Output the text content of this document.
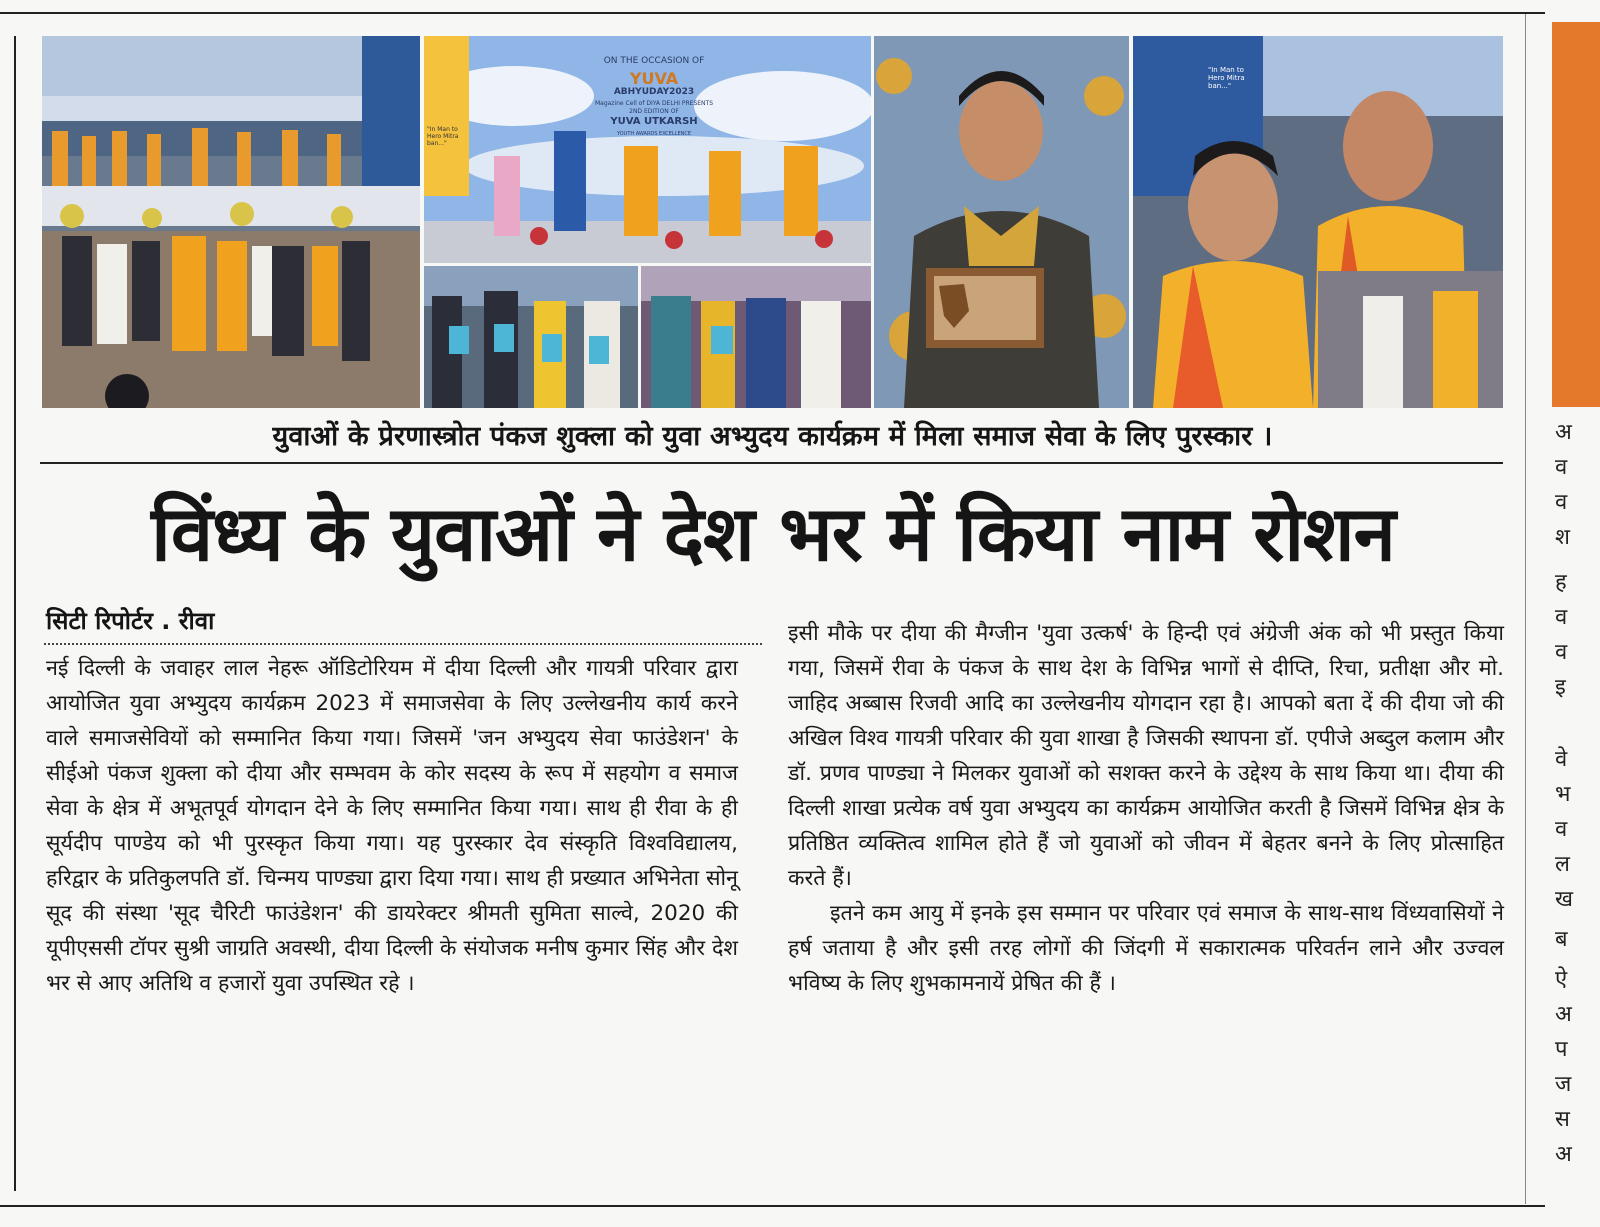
ON THE OCCASION OF
YUVA
ABHYUDAY2023
Magazine Cell of DIYA DELHI PRESENTS
2ND EDITION OF
YUVA UTKARSH
YOUTH AWARDS EXCELLENCE
"In Man to Hero Mitra ban..."
"In Man to Hero Mitra ban..."
युवाओं के प्रेरणास्त्रोत पंकज शुक्ला को युवा अभ्युदय कार्यक्रम में मिला समाज सेवा के लिए पुरस्कार ।
विंध्य के युवाओं ने देश भर में किया नाम रोशन
सिटी रिपोर्टर . रीवा

नई दिल्ली के जवाहर लाल नेहरू ऑडिटोरियम में दीया दिल्ली और गायत्री परिवार द्वारा आयोजित युवा अभ्युदय कार्यक्रम 2023 में समाजसेवा के लिए उल्लेखनीय कार्य करने वाले समाजसेवियों को सम्मानित किया गया। जिसमें 'जन अभ्युदय सेवा फाउंडेशन' के सीईओ पंकज शुक्ला को दीया और सम्भवम के कोर सदस्य के रूप में सहयोग व समाज सेवा के क्षेत्र में अभूतपूर्व योगदान देने के लिए सम्मानित किया गया। साथ ही रीवा के ही सूर्यदीप पाण्डेय को भी पुरस्कृत किया गया। यह पुरस्कार देव संस्कृति विश्वविद्यालय, हरिद्वार के प्रतिकुलपति डॉ. चिन्मय पाण्ड्या द्वारा दिया गया। साथ ही प्रख्यात अभिनेता सोनू सूद की संस्था 'सूद चैरिटी फाउंडेशन' की डायरेक्टर श्रीमती सुमिता साल्वे, 2020 की यूपीएससी टॉपर सुश्री जाग्रति अवस्थी, दीया दिल्ली के संयोजक मनीष कुमार सिंह और देश भर से आए अतिथि व हजारों युवा उपस्थित रहे ।

इसी मौके पर दीया की मैग्जीन 'युवा उत्कर्ष' के हिन्दी एवं अंग्रेजी अंक को भी प्रस्तुत किया गया, जिसमें रीवा के पंकज के साथ देश के विभिन्न भागों से दीप्ति, रिचा, प्रतीक्षा और मो. जाहिद अब्बास रिजवी आदि का उल्लेखनीय योगदान रहा है। आपको बता दें की दीया जो की अखिल विश्व गायत्री परिवार की युवा शाखा है जिसकी स्थापना डॉ. एपीजे अब्दुल कलाम और डॉ. प्रणव पाण्ड्या ने मिलकर युवाओं को सशक्त करने के उद्देश्य के साथ किया था। दीया की दिल्ली शाखा प्रत्येक वर्ष युवा अभ्युदय का कार्यक्रम आयोजित करती है जिसमें विभिन्न क्षेत्र के प्रतिष्ठित व्यक्तित्व शामिल होते हैं जो युवाओं को जीवन में बेहतर बनने के लिए प्रोत्साहित करते हैं।

इतने कम आयु में इनके इस सम्मान पर परिवार एवं समाज के साथ-साथ विंध्यवासियों ने हर्ष जताया है और इसी तरह लोगों की जिंदगी में सकारात्मक परिवर्तन लाने और उज्वल भविष्य के लिए शुभकामनायें प्रेषित की हैं ।

अ
व
व
श
ह
व
व
इ
वे
भ
व
ल
ख
ब
ऐ
अ
प
ज
स
अ
